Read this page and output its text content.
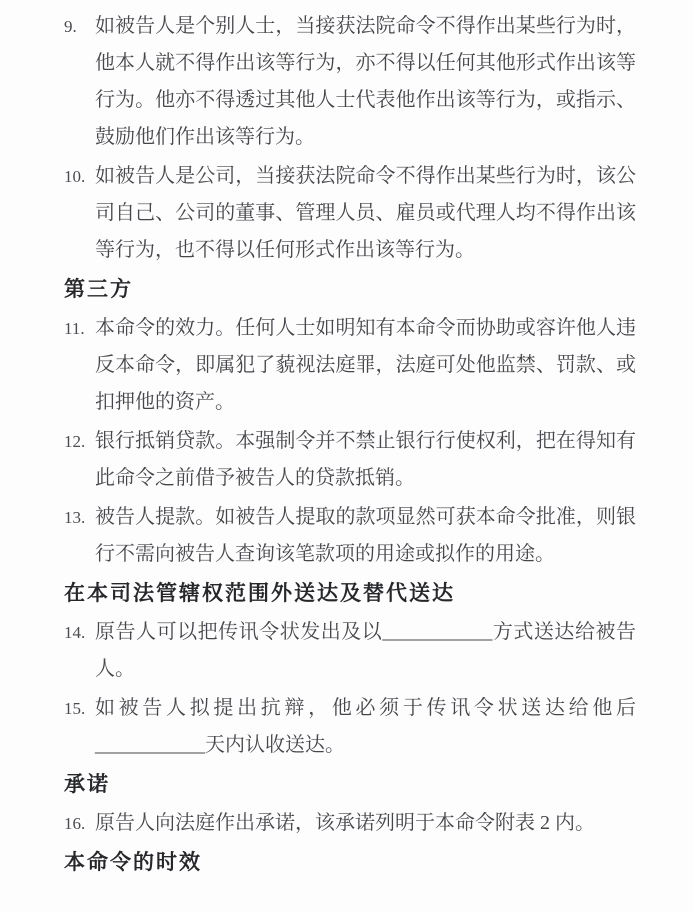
9. 如被告人是个别人士，当接获法院命令不得作出某些行为时，他本人就不得作出该等行为，亦不得以任何其他形式作出该等行为。他亦不得透过其他人士代表他作出该等行为，或指示、鼓励他们作出该等行为。

10. 如被告人是公司，当接获法院命令不得作出某些行为时，该公司自己、公司的董事、管理人员、雇员或代理人均不得作出该等行为，也不得以任何形式作出该等行为。

第三方
11. 本命令的效力。任何人士如明知有本命令而协助或容许他人违反本命令，即属犯了藐视法庭罪，法庭可处他监禁、罚款、或扣押他的资产。

12. 银行抵销贷款。本强制令并不禁止银行行使权利，把在得知有此命令之前借予被告人的贷款抵销。

13. 被告人提款。如被告人提取的款项显然可获本命令批准，则银行不需向被告人查询该笔款项的用途或拟作的用途。

在本司法管辖权范围外送达及替代送达
14. 原告人可以把传讯令状发出及以___________方式送达给被告人。

15. 如被告人拟提出抗辩，他必须于传讯令状送达给他后___________天内认收送达。

承诺
16. 原告人向法庭作出承诺，该承诺列明于本命令附表 2 内。

本命令的时效
